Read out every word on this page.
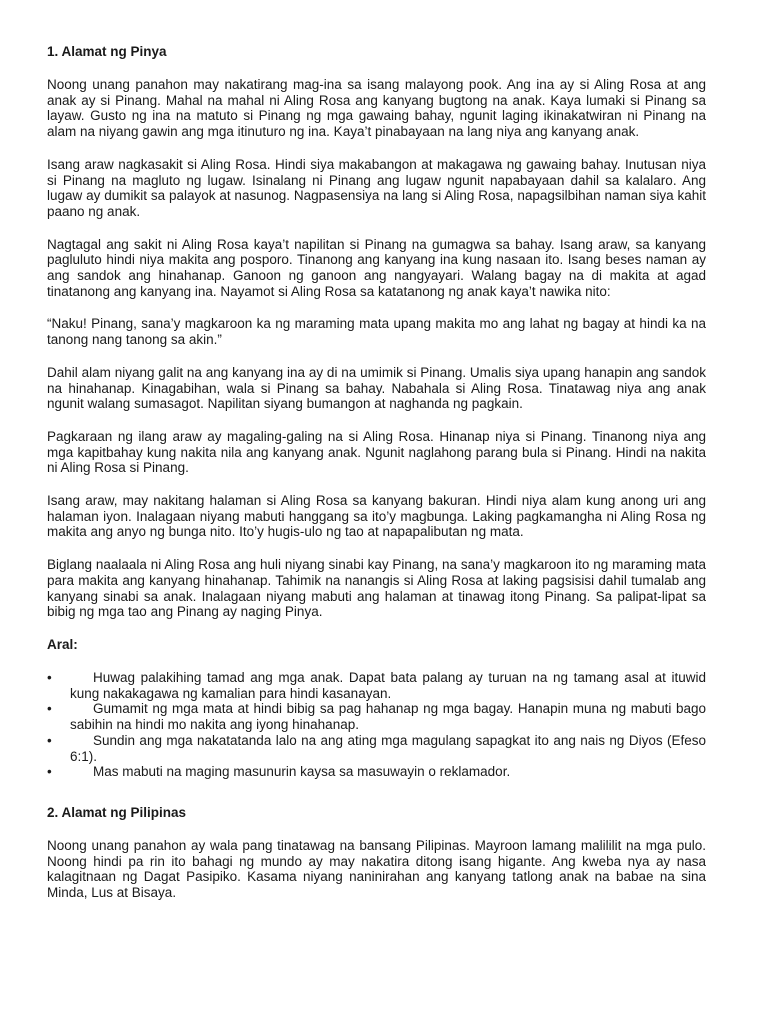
1. Alamat ng Pinya

Noong unang panahon may nakatirang mag-ina sa isang malayong pook. Ang ina ay si Aling Rosa at ang anak ay si Pinang. Mahal na mahal ni Aling Rosa ang kanyang bugtong na anak. Kaya lumaki si Pinang sa layaw. Gusto ng ina na matuto si Pinang ng mga gawaing bahay, ngunit laging ikinakatwiran ni Pinang na alam na niyang gawin ang mga itinuturo ng ina. Kaya’t pinabayaan na lang niya ang kanyang anak.

Isang araw nagkasakit si Aling Rosa. Hindi siya makabangon at makagawa ng gawaing bahay. Inutusan niya si Pinang na magluto ng lugaw. Isinalang ni Pinang ang lugaw ngunit napabayaan dahil sa kalalaro. Ang lugaw ay dumikit sa palayok at nasunog. Nagpasensiya na lang si Aling Rosa, napagsilbihan naman siya kahit paano ng anak.

Nagtagal ang sakit ni Aling Rosa kaya’t napilitan si Pinang na gumagwa sa bahay. Isang araw, sa kanyang pagluluto hindi niya makita ang posporo. Tinanong ang kanyang ina kung nasaan ito. Isang beses naman ay ang sandok ang hinahanap. Ganoon ng ganoon ang nangyayari. Walang bagay na di makita at agad tinatanong ang kanyang ina. Nayamot si Aling Rosa sa katatanong ng anak kaya’t nawika nito:

“Naku! Pinang, sana’y magkaroon ka ng maraming mata upang makita mo ang lahat ng bagay at hindi ka na tanong nang tanong sa akin.”

Dahil alam niyang galit na ang kanyang ina ay di na umimik si Pinang. Umalis siya upang hanapin ang sandok na hinahanap. Kinagabihan, wala si Pinang sa bahay. Nabahala si Aling Rosa. Tinatawag niya ang anak ngunit walang sumasagot. Napilitan siyang bumangon at naghanda ng pagkain.

Pagkaraan ng ilang araw ay magaling-galing na si Aling Rosa. Hinanap niya si Pinang. Tinanong niya ang mga kapitbahay kung nakita nila ang kanyang anak. Ngunit naglahong parang bula si Pinang. Hindi na nakita ni Aling Rosa si Pinang.

Isang araw, may nakitang halaman si Aling Rosa sa kanyang bakuran. Hindi niya alam kung anong uri ang halaman iyon. Inalagaan niyang mabuti hanggang sa ito’y magbunga. Laking pagkamangha ni Aling Rosa ng makita ang anyo ng bunga nito. Ito’y hugis-ulo ng tao at napapalibutan ng mata.

Biglang naalaala ni Aling Rosa ang huli niyang sinabi kay Pinang, na sana’y magkaroon ito ng maraming mata para makita ang kanyang hinahanap. Tahimik na nanangis si Aling Rosa at laking pagsisisi dahil tumalab ang kanyang sinabi sa anak. Inalagaan niyang mabuti ang halaman at tinawag itong Pinang. Sa palipat-lipat sa bibig ng mga tao ang Pinang ay naging Pinya.

Aral:
•	Huwag palakihing tamad ang mga anak. Dapat bata palang ay turuan na ng tamang asal at ituwid kung nakakagawa ng kamalian para hindi kasanayan.
•	Gumamit ng mga mata at hindi bibig sa pag hahanap ng mga bagay. Hanapin muna ng mabuti bago sabihin na hindi mo nakita ang iyong hinahanap.
•	Sundin ang mga nakatatanda lalo na ang ating mga magulang sapagkat ito ang nais ng Diyos (Efeso 6:1).
•	Mas mabuti na maging masunurin kaysa sa masuwayin o reklamador.
2. Alamat ng Pilipinas

Noong unang panahon ay wala pang tinatawag na bansang Pilipinas. Mayroon lamang malililit na mga pulo. Noong hindi pa rin ito bahagi ng mundo ay may nakatira ditong isang higante. Ang kweba nya ay nasa kalagitnaan ng Dagat Pasipiko. Kasama niyang naninirahan ang kanyang tatlong anak na babae na sina Minda, Lus at Bisaya.
